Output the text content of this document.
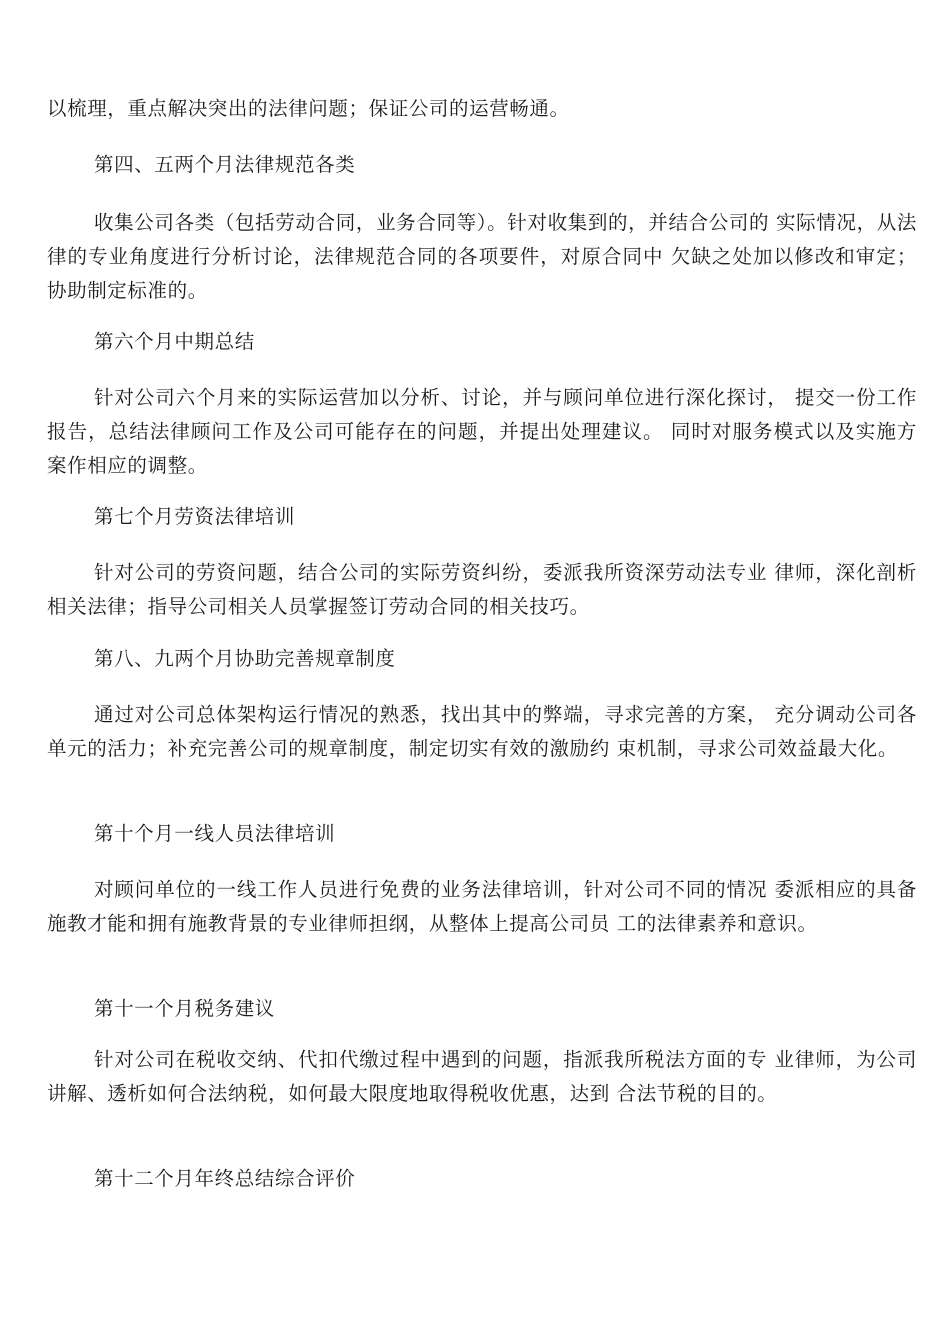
以梳理，重点解决突出的法律问题；保证公司的运营畅通。

第四、五两个月法律规范各类

收集公司各类（包括劳动合同，业务合同等）。针对收集到的，并结合公司的 实际情况，从法律的专业角度进行分析讨论，法律规范合同的各项要件，对原合同中 欠缺之处加以修改和审定；协助制定标准的。

第六个月中期总结

针对公司六个月来的实际运营加以分析、讨论，并与顾问单位进行深化探讨， 提交一份工作报告，总结法律顾问工作及公司可能存在的问题，并提出处理建议。 同时对服务模式以及实施方案作相应的调整。

第七个月劳资法律培训

针对公司的劳资问题，结合公司的实际劳资纠纷，委派我所资深劳动法专业 律师，深化剖析相关法律；指导公司相关人员掌握签订劳动合同的相关技巧。

第八、九两个月协助完善规章制度

通过对公司总体架构运行情况的熟悉，找出其中的弊端，寻求完善的方案， 充分调动公司各单元的活力；补充完善公司的规章制度，制定切实有效的激励约 束机制，寻求公司效益最大化。

第十个月一线人员法律培训

对顾问单位的一线工作人员进行免费的业务法律培训，针对公司不同的情况 委派相应的具备施教才能和拥有施教背景的专业律师担纲，从整体上提高公司员 工的法律素养和意识。

第十一个月税务建议

针对公司在税收交纳、代扣代缴过程中遇到的问题，指派我所税法方面的专 业律师，为公司讲解、透析如何合法纳税，如何最大限度地取得税收优惠，达到 合法节税的目的。

第十二个月年终总结综合评价
